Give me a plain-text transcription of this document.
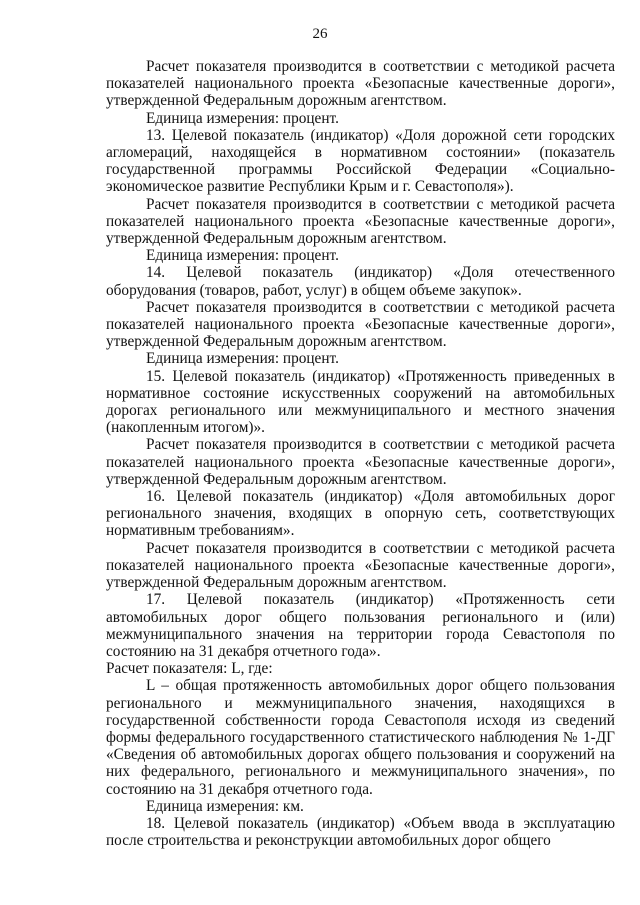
26

Расчет показателя производится в соответствии с методикой расчета показателей национального проекта «Безопасные качественные дороги», утвержденной Федеральным дорожным агентством.

Единица измерения: процент.

13. Целевой показатель (индикатор) «Доля дорожной сети городских агломераций, находящейся в нормативном состоянии» (показатель государственной программы Российской Федерации «Социально-экономическое развитие Республики Крым и г. Севастополя»).

Расчет показателя производится в соответствии с методикой расчета показателей национального проекта «Безопасные качественные дороги», утвержденной Федеральным дорожным агентством.

Единица измерения: процент.

14. Целевой показатель (индикатор) «Доля отечественного оборудования (товаров, работ, услуг) в общем объеме закупок».

Расчет показателя производится в соответствии с методикой расчета показателей национального проекта «Безопасные качественные дороги», утвержденной Федеральным дорожным агентством.

Единица измерения: процент.

15. Целевой показатель (индикатор) «Протяженность приведенных в нормативное состояние искусственных сооружений на автомобильных дорогах регионального или межмуниципального и местного значения (накопленным итогом)».

Расчет показателя производится в соответствии с методикой расчета показателей национального проекта «Безопасные качественные дороги», утвержденной Федеральным дорожным агентством.

16. Целевой показатель (индикатор) «Доля автомобильных дорог регионального значения, входящих в опорную сеть, соответствующих нормативным требованиям».

Расчет показателя производится в соответствии с методикой расчета показателей национального проекта «Безопасные качественные дороги», утвержденной Федеральным дорожным агентством.

17. Целевой показатель (индикатор) «Протяженность сети автомобильных дорог общего пользования регионального и (или) межмуниципального значения на территории города Севастополя по состоянию на 31 декабря отчетного года».

Расчет показателя: L, где:

L – общая протяженность автомобильных дорог общего пользования регионального и межмуниципального значения, находящихся в государственной собственности города Севастополя исходя из сведений формы федерального государственного статистического наблюдения № 1-ДГ «Сведения об автомобильных дорогах общего пользования и сооружений на них федерального, регионального и межмуниципального значения», по состоянию на 31 декабря отчетного года.

Единица измерения: км.

18. Целевой показатель (индикатор) «Объем ввода в эксплуатацию после строительства и реконструкции автомобильных дорог общего
